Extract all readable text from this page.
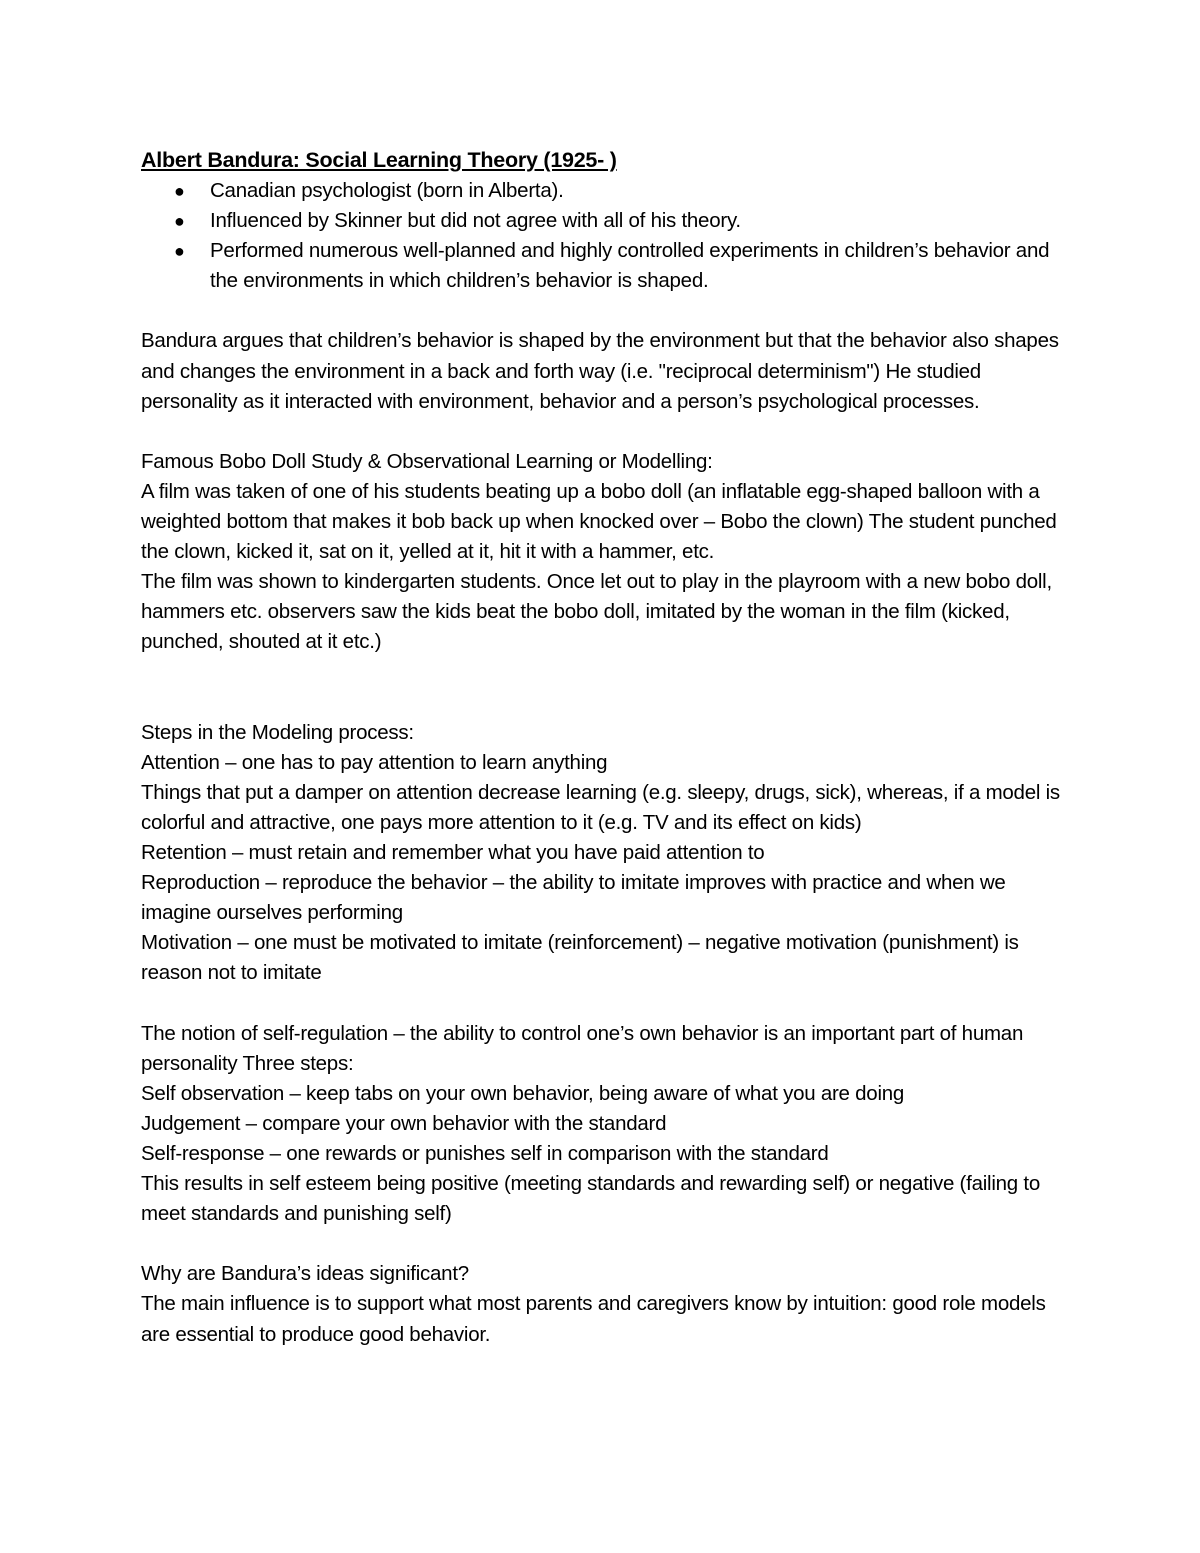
Albert Bandura: Social Learning Theory (1925- )
● Canadian psychologist (born in Alberta).
● Influenced by Skinner but did not agree with all of his theory.
● Performed numerous well-planned and highly controlled experiments in children’s behavior and the environments in which children’s behavior is shaped.

Bandura argues that children’s behavior is shaped by the environment but that the behavior also shapes and changes the environment in a back and forth way (i.e. "reciprocal determinism") He studied personality as it interacted with environment, behavior and a person’s psychological processes.

Famous Bobo Doll Study & Observational Learning or Modelling:

A film was taken of one of his students beating up a bobo doll (an inflatable egg-shaped balloon with a weighted bottom that makes it bob back up when knocked over – Bobo the clown) The student punched the clown, kicked it, sat on it, yelled at it, hit it with a hammer, etc.

The film was shown to kindergarten students. Once let out to play in the playroom with a new bobo doll, hammers etc. observers saw the kids beat the bobo doll, imitated by the woman in the film (kicked, punched, shouted at it etc.)

Steps in the Modeling process:

Attention – one has to pay attention to learn anything

Things that put a damper on attention decrease learning (e.g. sleepy, drugs, sick), whereas, if a model is colorful and attractive, one pays more attention to it (e.g. TV and its effect on kids)

Retention – must retain and remember what you have paid attention to

Reproduction – reproduce the behavior – the ability to imitate improves with practice and when we imagine ourselves performing

Motivation – one must be motivated to imitate (reinforcement) – negative motivation (punishment) is reason not to imitate

The notion of self-regulation – the ability to control one’s own behavior is an important part of human personality Three steps:

Self observation – keep tabs on your own behavior, being aware of what you are doing

Judgement – compare your own behavior with the standard

Self-response – one rewards or punishes self in comparison with the standard

This results in self esteem being positive (meeting standards and rewarding self) or negative (failing to meet standards and punishing self)

Why are Bandura’s ideas significant?

The main influence is to support what most parents and caregivers know by intuition: good role models are essential to produce good behavior.
